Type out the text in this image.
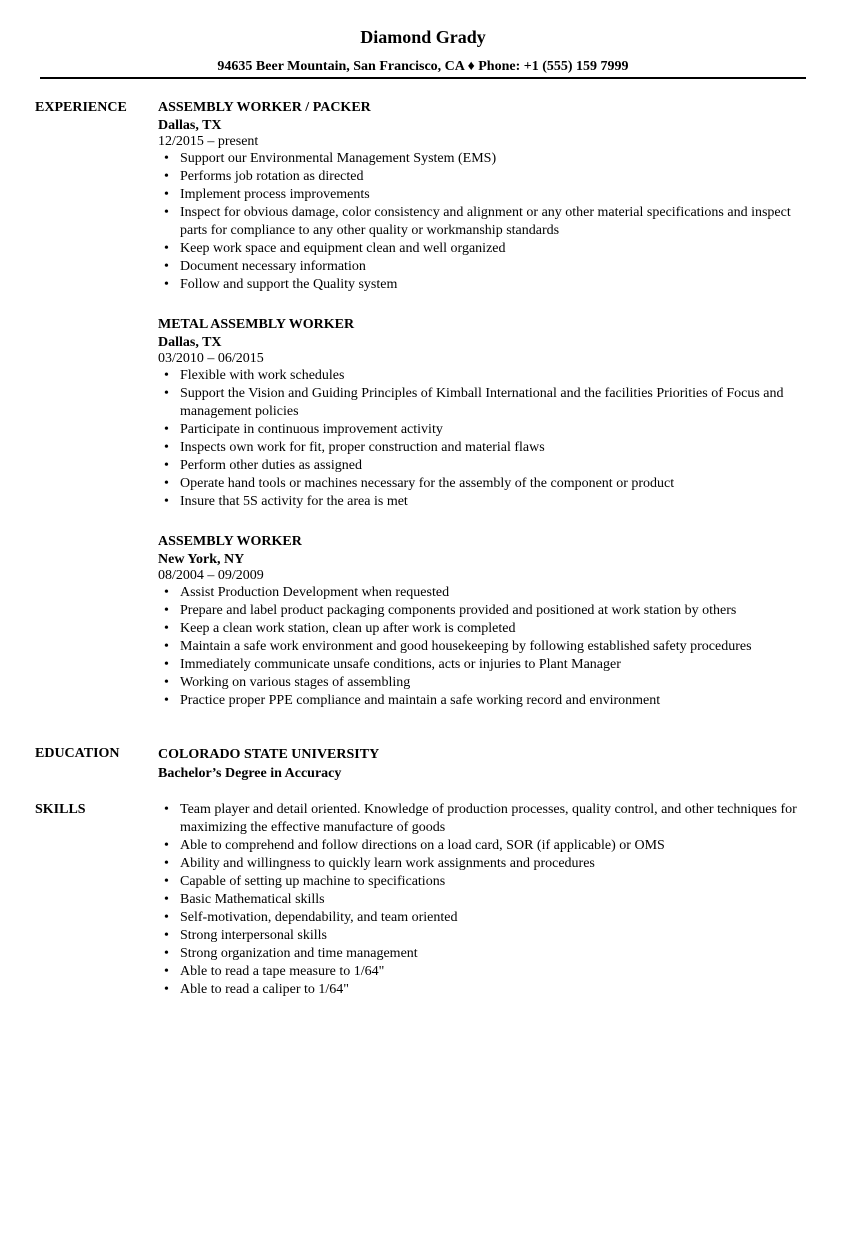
Diamond Grady
94635 Beer Mountain, San Francisco, CA ♦ Phone: +1 (555) 159 7999
EXPERIENCE ASSEMBLY WORKER / PACKER
Dallas, TX
12/2015 – present
• Support our Environmental Management System (EMS)
• Performs job rotation as directed
• Implement process improvements
• Inspect for obvious damage, color consistency and alignment or any other material specifications and inspect parts for compliance to any other quality or workmanship standards
• Keep work space and equipment clean and well organized
• Document necessary information
• Follow and support the Quality system
METAL ASSEMBLY WORKER
Dallas, TX
03/2010 – 06/2015
• Flexible with work schedules
• Support the Vision and Guiding Principles of Kimball International and the facilities Priorities of Focus and management policies
• Participate in continuous improvement activity
• Inspects own work for fit, proper construction and material flaws
• Perform other duties as assigned
• Operate hand tools or machines necessary for the assembly of the component or product
• Insure that 5S activity for the area is met
ASSEMBLY WORKER
New York, NY
08/2004 – 09/2009
• Assist Production Development when requested
• Prepare and label product packaging components provided and positioned at work station by others
• Keep a clean work station, clean up after work is completed
• Maintain a safe work environment and good housekeeping by following established safety procedures
• Immediately communicate unsafe conditions, acts or injuries to Plant Manager
• Working on various stages of assembling
• Practice proper PPE compliance and maintain a safe working record and environment
EDUCATION	COLORADO STATE UNIVERSITY
Bachelor’s Degree in Accuracy
SKILLS
•	Team player and detail oriented. Knowledge of production processes, quality control, and other techniques for maximizing the effective manufacture of goods
• Able to comprehend and follow directions on a load card, SOR (if applicable) or OMS
• Ability and willingness to quickly learn work assignments and procedures
• Capable of setting up machine to specifications
• Basic Mathematical skills
• Self-motivation, dependability, and team oriented
• Strong interpersonal skills
• Strong organization and time management
• Able to read a tape measure to 1/64"
• Able to read a caliper to 1/64"
